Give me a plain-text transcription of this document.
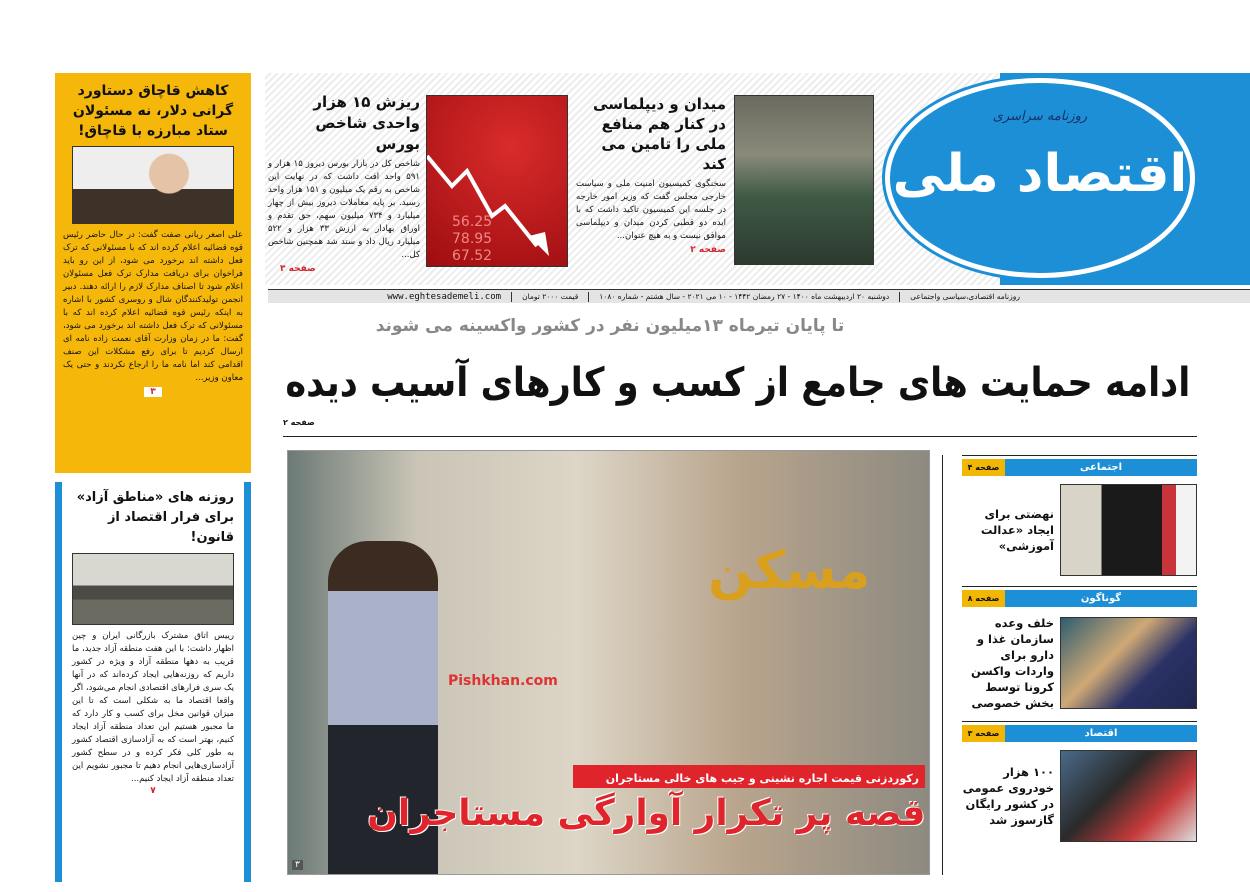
روزنامه سراسری
اقتصاد ملی
میدان و دیپلماسی در کنار هم منافع ملی را تامین می کند
سخنگوی کمیسیون امنیت ملی و سیاست خارجی مجلس گفت که وزیر امور خارجه در جلسه این کمیسیون تاکید داشت که با ایده دو قطبی کردن میدان و دیپلماسی موافق نیست و به هیچ عنوان...
صفحه ۲
56.25
78.95
67.52
ریزش ۱۵ هزار واحدی شاخص بورس
شاخص کل در بازار بورس دیروز ۱۵ هزار و ۵۹۱ واحد افت داشت که در نهایت این شاخص به رقم یک میلیون و ۱۵۱ هزار واحد رسید. بر پایه معاملات دیروز بیش از چهار میلیارد و ۷۳۴ میلیون سهم، حق تقدم و اوراق بهادار به ارزش ۳۳ هزار و ۵۲۲ میلیارد ریال داد و ستد شد همچنین شاخص کل...
صفحه ۳
روزنامه اقتصادی،سیاسی واجتماعی
دوشنبه ۲۰ اردیبهشت ماه ۱۴۰۰ - ۲۷ رمضان ۱۴۴۲ - ۱۰ می ۲۰۲۱ - سال هشتم - شماره ۱۰۸۰
قیمت ۲۰۰۰ تومان
www.eghtesademeli.com
تا پایان تیرماه ۱۳میلیون نفر در کشور واکسینه می شوند
ادامه حمایت های جامع از کسب و کارهای آسیب دیده
صفحه ۲
مسکن
Pishkhan.com
رکوردزنی قیمت اجاره نشینی و جیب های خالی مستاجران
قصه پر تکرار آوارگی مستاجران
۳
صفحه ۴	اجتماعی
نهضتی برای ایجاد «عدالت آموزشی»
صفحه ۸	گوناگون
خلف وعده سازمان غذا و دارو برای واردات واکسن کرونا توسط بخش خصوصی
صفحه ۳	اقتصاد
۱۰۰ هزار خودروی عمومی در کشور رایگان گازسوز شد
کاهش قاچاق دستاورد گرانی دلار، نه مسئولان ستاد مبارزه با قاچاق!
علی اصغر ربانی صفت گفت: در حال حاضر رئیس قوه قضائیه اعلام کرده اند که با مسئولانی که ترک فعل داشته اند برخورد می شود، از این رو باید فراخوان برای دریافت مدارک ترک فعل مسئولان اعلام شود تا اصناف مدارک لازم را ارائه دهند. دبیر انجمن تولیدکنندگان شال و روسری کشور با اشاره به اینکه رئیس قوه قضائیه اعلام کرده اند که با مسئولانی که ترک فعل داشته اند برخورد می شود، گفت: ما در زمان وزارت آقای نعمت زاده نامه ای ارسال کردیم تا برای رفع مشکلات این صنف اقدامی کند اما نامه ما را ارجاع نکردند و حتی یک معاون وزیر...
۳
روزنه های «مناطق آزاد» برای فرار اقتصاد از قانون!
رییس اتاق مشترک بازرگانی ایران و چین اظهار داشت: با این هفت منطقه آزاد جدید، ما قریب به دهها منطقه آزاد و ویژه در کشور داریم که روزنه‌هایی ایجاد کرده‌اند که در آنها یک سری فرارهای اقتصادی انجام می‌شود، اگر واقعا اقتصاد ما به شکلی است که تا این میزان قوانین مخل برای کسب و کار دارد که ما مجبور هستیم این تعداد منطقه آزاد ایجاد کنیم، بهتر است که به آزادسازی اقتصاد کشور به طور کلی فکر کرده و در سطح کشور آزادسازی‌هایی انجام دهیم تا مجبور نشویم این تعداد منطقه آزاد ایجاد کنیم...
۷
